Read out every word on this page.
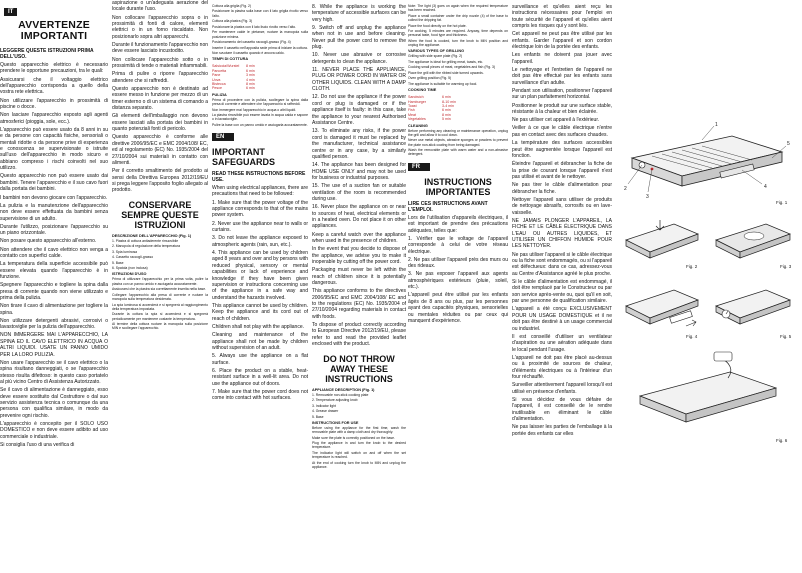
IT
AVVERTENZE IMPORTANTI
LEGGERE QUESTE ISTRUZIONI PRIMA DELL'USO.

Questo apparecchio elettrico è necessario prendere le opportune precauzioni, tra le quali:

Assicurarsi che il voltaggio elettrico dell'apparecchio corrisponda a quello della vostra rete elettrica.

Non utilizzare l'apparecchio in prossimità di piscine o docce.

Non lasciare l'apparecchio esposto agli agenti atmosferici (pioggia, sole, ecc.).

L'apparecchio può essere usato da 8 anni in su e da persone con capacità fisiche, sensoriali o mentali ridotte o da persone prive di esperienza e conoscenza se supervisionate o istruite sull'uso dell'apparecchio in modo sicuro e abbiano compreso i rischi coinvolti nel suo utilizzo.

Questo apparecchio non può essere usato dai bambini. Tenere l'apparecchio e il suo cavo fuori dalla portata dei bambini.

I bambini non devono giocare con l'apparecchio.

La pulizia e la manutenzione dell'apparecchio non deve essere effettuata da bambini senza supervisione di un adulto.

Durante l'utilizzo, posizionare l'apparecchio su un piano orizzontale.

Non posare questo apparecchio all'esterno.

Non attendere che il cavo elettrico non venga a contatto con superfici calde.

La temperatura della superficie accessibile può essere elevata quando l'apparecchio è in funzione.

Spegnere l'apparecchio e togliere la spina dalla presa di corrente quando non viene utilizzato e prima della pulizia.

Non tirare il cavo di alimentazione per togliere la spina.

Non utilizzare detergenti abrasivi, corrosivi o lavastoviglie per la pulizia dell'apparecchio.

NON IMMERGERE MAI L'APPARECCHIO, LA SPINA ED IL CAVO ELETTRICO IN ACQUA O ALTRI LIQUIDI. USATE UN PANNO UMIDO PER LA LORO PULIZIA.

Non usare l'apparecchio se il cavo elettrico o la spina risultano danneggiati, o se l'apparecchio stesso risulta difettoso: in questo caso portatelo al più vicino Centro di Assistenza Autorizzato.

Se il cavo di alimentazione è danneggiato, esso deve essere sostituito dal Costruttore o dal suo servizio assistenza tecnica o comunque da una persona con qualifica similare, in modo da prevenire ogni rischio.

L'apparecchio è concepito per il SOLO USO DOMESTICO e non deve essere adibito ad uso commerciale o industriale.

Si consiglia l'uso di una verifica di

aspirazione o un'adeguata aerazione del locale durante l'uso.

Non collocare l'apparecchio sopra o in prossimità di fonti di calore, elementi elettrici o in un forno riscaldato. Non posizionarlo sopra altri apparecchi.

Durante il funzionamento l'apparecchio non deve essere lasciato incustodito.

Non collocare l'apparecchio sotto o in prossimità di tende o materiali infiammabili.

Prima di pulire o riporre l'apparecchio attendere che si raffreddi.

Questo apparecchio non è destinato ad essere messo in funzione per mezzo di un timer esterno o di un sistema di comando a distanza separato.

Gli elementi dell'imballaggio non devono essere lasciati alla portata dei bambini in quanto potenziali fonti di pericolo.

Questo apparecchio è conforme alle direttive 2006/95/EC e EMC 2004/108/ EC, ed al regolamento (EC) No. 1935/2004 del 27/10/2004 sui materiali in contatto con alimenti.

Per il corretto smaltimento del prodotto ai sensi della Direttiva Europea 2012/19/EU si prega leggere l'apposito foglio allegato al prodotto.

CONSERVARE SEMPRE QUESTE ISTRUZIONI
DESCRIZIONE DELL'APPARECCHIO (Fig. 1)

1. Piastra di cottura antiaderente rimuovibile

2. Manopola di regolazione della temperatura

3. Spia luminosa

4. Cassetto raccogli-grasso

5. Base

6. Spatola (non inclusa)

ISTRUZIONI D'USO

Prima di utilizzare l'apparecchio per la prima volta, pulire la piastra con un panno umido e asciugarla accuratamente.

Assicurarsi che la piastra sia correttamente inserita nella base.

Collegare l'apparecchio alla presa di corrente e ruotare la manopola sulla temperatura desiderata.

La spia luminosa si accenderà e si spegnerà al raggiungimento della temperatura impostata.

Durante la cottura la spia si accenderà e si spegnerà periodicamente per mantenere costante la temperatura.

Al termine della cottura ruotare la manopola sulla posizione MIN e scollegare l'apparecchio.

Cottura alla griglia (Fig. 2)

Posizionare la piastra sulla base con il lato griglia rivolto verso l'alto.

Cottura alla piastra (Fig. 3)

Posizionare la piastra con il lato liscio rivolto verso l'alto.

Per mantenere calde le pietanze, ruotare la manopola sulla posizione minima.

Posizionamento del cassetto raccogli-grasso (Fig. 4)

Inserire il cassetto nell'apposita sede prima di iniziare la cottura.

Non svuotare il cassetto quando è ancora caldo.

TEMPI DI COTTURA
Salsiccia/Wurstel	8 min
Pancetta	6 min
Pane	3 min
Uova	4 min
Bistecca	8 min
Pesce	6 min
PULIZIA

Prima di procedere con la pulizia, scollegare la spina dalla presa di corrente e attendere che l'apparecchio si raffreddi.

Non immergere mai l'apparecchio in acqua o altri liquidi.

La piastra rimovibile può essere lavata in acqua calda e sapone o in lavastoviglie.

Pulire la base con un panno umido e asciugarla accuratamente.

EN
IMPORTANT SAFEGUARDS
READ THESE INSTRUCTIONS BEFORE USE.

When using electrical appliances, there are precautions that need to be followed:

1. Make sure that the power voltage of the appliance corresponds to that of the mains power system.

2. Never use the appliance near to walls or curtains.

3. Do not leave the appliance exposed to atmospheric agents (rain, sun, etc.).

4. This appliance can be used by children aged 8 years and over and by persons with reduced physical, sensory or mental capabilities or lack of experience and knowledge if they have been given supervision or instructions concerning use of the appliance in a safe way and understand the hazards involved.

This appliance cannot be used by children. Keep the appliance and its cord out of reach of children.

Children shall not play with the appliance.

Cleaning and maintenance of the appliance shall not be made by children without supervision of an adult.

5. Always use the appliance on a flat surface.

6. Place the product on a stable, heat-resistant surface in a well-lit area. Do not use the appliance out of doors.

7. Make sure that the power cord does not come into contact with hot surfaces.

8. While the appliance is working the temperature of accessible surfaces can be very high.

9. Switch off and unplug the appliance when not in use and before cleaning. Never pull the power cord to remove the plug.

10. Never use abrasive or corrosive detergents to clean the appliance.

11. NEVER PLACE THE APPLIANCE, PLUG OR POWER CORD IN WATER OR OTHER LIQUIDS. CLEAN WITH A DAMP CLOTH.

12. Do not use the appliance if the power cord or plug is damaged or if the appliance itself is faulty: in this case, take the appliance to your nearest Authorised Assistance Centre.

13. To eliminate any risks, if the power cord is damaged it must be replaced by the manufacturer, technical assistance centre or in any case, by a similarly qualified person.

14. The appliance has been designed for HOME USE ONLY and may not be used for business or industrial purposes.

15. The use of a suction fan or suitable ventilation of the room is recommended during use.

16. Never place the appliance on or near to sources of heat, electrical elements or in a heated oven. Do not place it on other appliances.

Keep a careful watch over the appliance when used in the presence of children.

In the event that you decide to dispose of the appliance, we advise you to make it inoperable by cutting off the power cord.

Packaging must never be left within the reach of children since it is potentially dangerous.

This appliance conforms to the directives 2006/95/EC and EMC 2004/108/ EC and to the regulations (EC) No. 1935/2004 of 27/10/2004 regarding materials in contact with foods.

To dispose of product correctly according to European Directive 2012/19/EU, please refer to and read the provided leaflet enclosed with the product.

DO NOT THROW AWAY THESE INSTRUCTIONS
APPLIANCE DESCRIPTION (Fig. 1)

1. Removable non-stick cooking plate

2. Temperature adjusting knob

3. Indicator light

4. Grease drawer

5. Base

INSTRUCTIONS FOR USE

Before using the appliance for the first time, wash the removable plate with a damp cloth and dry thoroughly.

Make sure the plate is correctly positioned on the base.

Plug the appliance in and turn the knob to the desired temperature.

The indicator light will switch on and off when the set temperature is reached.

At the end of cooking turn the knob to MIN and unplug the appliance.

Note: The light (3) goes on again when the required temperature has been reached.

Place a small container under the drip nozzle (4) of the base to collect the dripping fat.

Place the food directly on the hot plate.

For cooking, 5 minutes are required. Anyway, time depends on personal taste, food type and thickness.

When the food is cooked, turn the knob to MIN position and unplug the appliance.

VARIOUS TYPES OF GRILLING

Grilling with side spare plate (Fig. 2)

The appliance is ideal for grilling meat, toasts, etc.

Cooking small pieces of meat, vegetables and fish (Fig. 3)

Place the grill with the ribbed side turned upwards.

Oven grilling position (Fig. 5)

The appliance is suitable for warming up food.

COOKING TIME
Sandwich	6 min
Hamburger	8-10 min
Toast	3-4 min
Fish	6 min
Meat	8 min
Vegetables	5 min
CLEANING

Before performing any cleaning or maintenance operation, unplug the grill and allow it to cool down.

Never use metal objects, abrasive sponges or powders to prevent the plate non-stick coating from being damaged.

Wash the removable plate with warm water and a non-abrasive detergent.

FR
INSTRUCTIONS IMPORTANTES
LIRE CES INSTRUCTIONS AVANT L'EMPLOI.

Lors de l'utilisation d'appareils électriques, il est important de prendre des précautions adéquates, telles que:

1. Vérifier que le voltage de l'appareil corresponde à celui de votre réseau électrique.

2. Ne pas utiliser l'appareil près des murs ou des rideaux.

3. Ne pas exposer l'appareil aux agents atmosphériques extérieurs (pluie, soleil, etc.).

L'appareil peut être utilisé par les enfants âgés de 8 ans ou plus, par les personnes ayant des capacités physiques, sensorielles ou mentales réduites ou par ceux qui manquent d'expérience.

surveillance et qu'elles aient reçu les instructions nécessaires pour l'emploi en toute sécurité de l'appareil et qu'elles aient compris les risques qui y sont liés.

Cet appareil ne peut pas être utilisé par les enfants. Garder l'appareil et son cordon électrique loin de la portée des enfants.

Les enfants ne doivent pas jouer avec l'appareil.

Le nettoyage et l'entretien de l'appareil ne doit pas être effectué par les enfants sans surveillance d'un adulte.

Pendant son utilisation, positionner l'appareil sur un plan parfaitement horizontal.

Positionner le produit sur une surface stable, résistante à la chaleur et bien éclairée.

Ne pas utiliser cet appareil à l'extérieur.

Veiller à ce que le câble électrique n'entre pas en contact avec des surfaces chaudes.

La température des surfaces accessibles peut être augmentée lorsque l'appareil est fonction.

Éteindre l'appareil et débrancher la fiche de la prise de courant lorsque l'appareil n'est pas utilisé et avant de le nettoyer.

Ne pas tirer le câble d'alimentation pour débrancher la fiche.

Nettoyer l'appareil sans utiliser de produits de nettoyage abrasifs, corrosifs ou en lave-vaisselle.

NE JAMAIS PLONGER L'APPAREIL, LA FICHE ET LE CÂBLE ÉLECTRIQUE DANS L'EAU OU AUTRES LIQUIDES, ET UTILISER UN CHIFFON HUMIDE POUR LES NETTOYER.

Ne pas utiliser l'appareil si le câble électrique ou la fiche sont endommagés, ou si l'appareil est défectueux: dans ce cas, adressez-vous au Centre d'Assistance agréé le plus proche.

Si le câble d'alimentation est endommagé, il doit être remplacé par le Constructeur ou par son service après-vente ou, quoi qu'il en soit, par une personne de qualification similaire.

L'appareil a été conçu EXCLUSIVEMENT POUR UN USAGE DOMESTIQUE et il ne doit pas être destiné à un usage commercial ou industriel.

Il est conseillé d'utiliser un ventilateur d'aspiration ou une aération adéquate dans le local pendant l'usage.

L'appareil ne doit pas être placé au-dessus ou à proximité de sources de chaleur, d'éléments électriques ou à l'intérieur d'un four réchauffé.

Surveiller attentivement l'appareil lorsqu'il est utilisé en présence d'enfants.

Si vous décidez de vous défaire de l'appareil, il est conseillé de le rendre inutilisable en éliminant le câble d'alimentation.

Ne pas laisser les parties de l'emballage à la portée des enfants car elles

1
2
3
4
5
Fig. 1
Fig. 2	Fig. 3
Fig. 4	Fig. 5
Fig. 6
